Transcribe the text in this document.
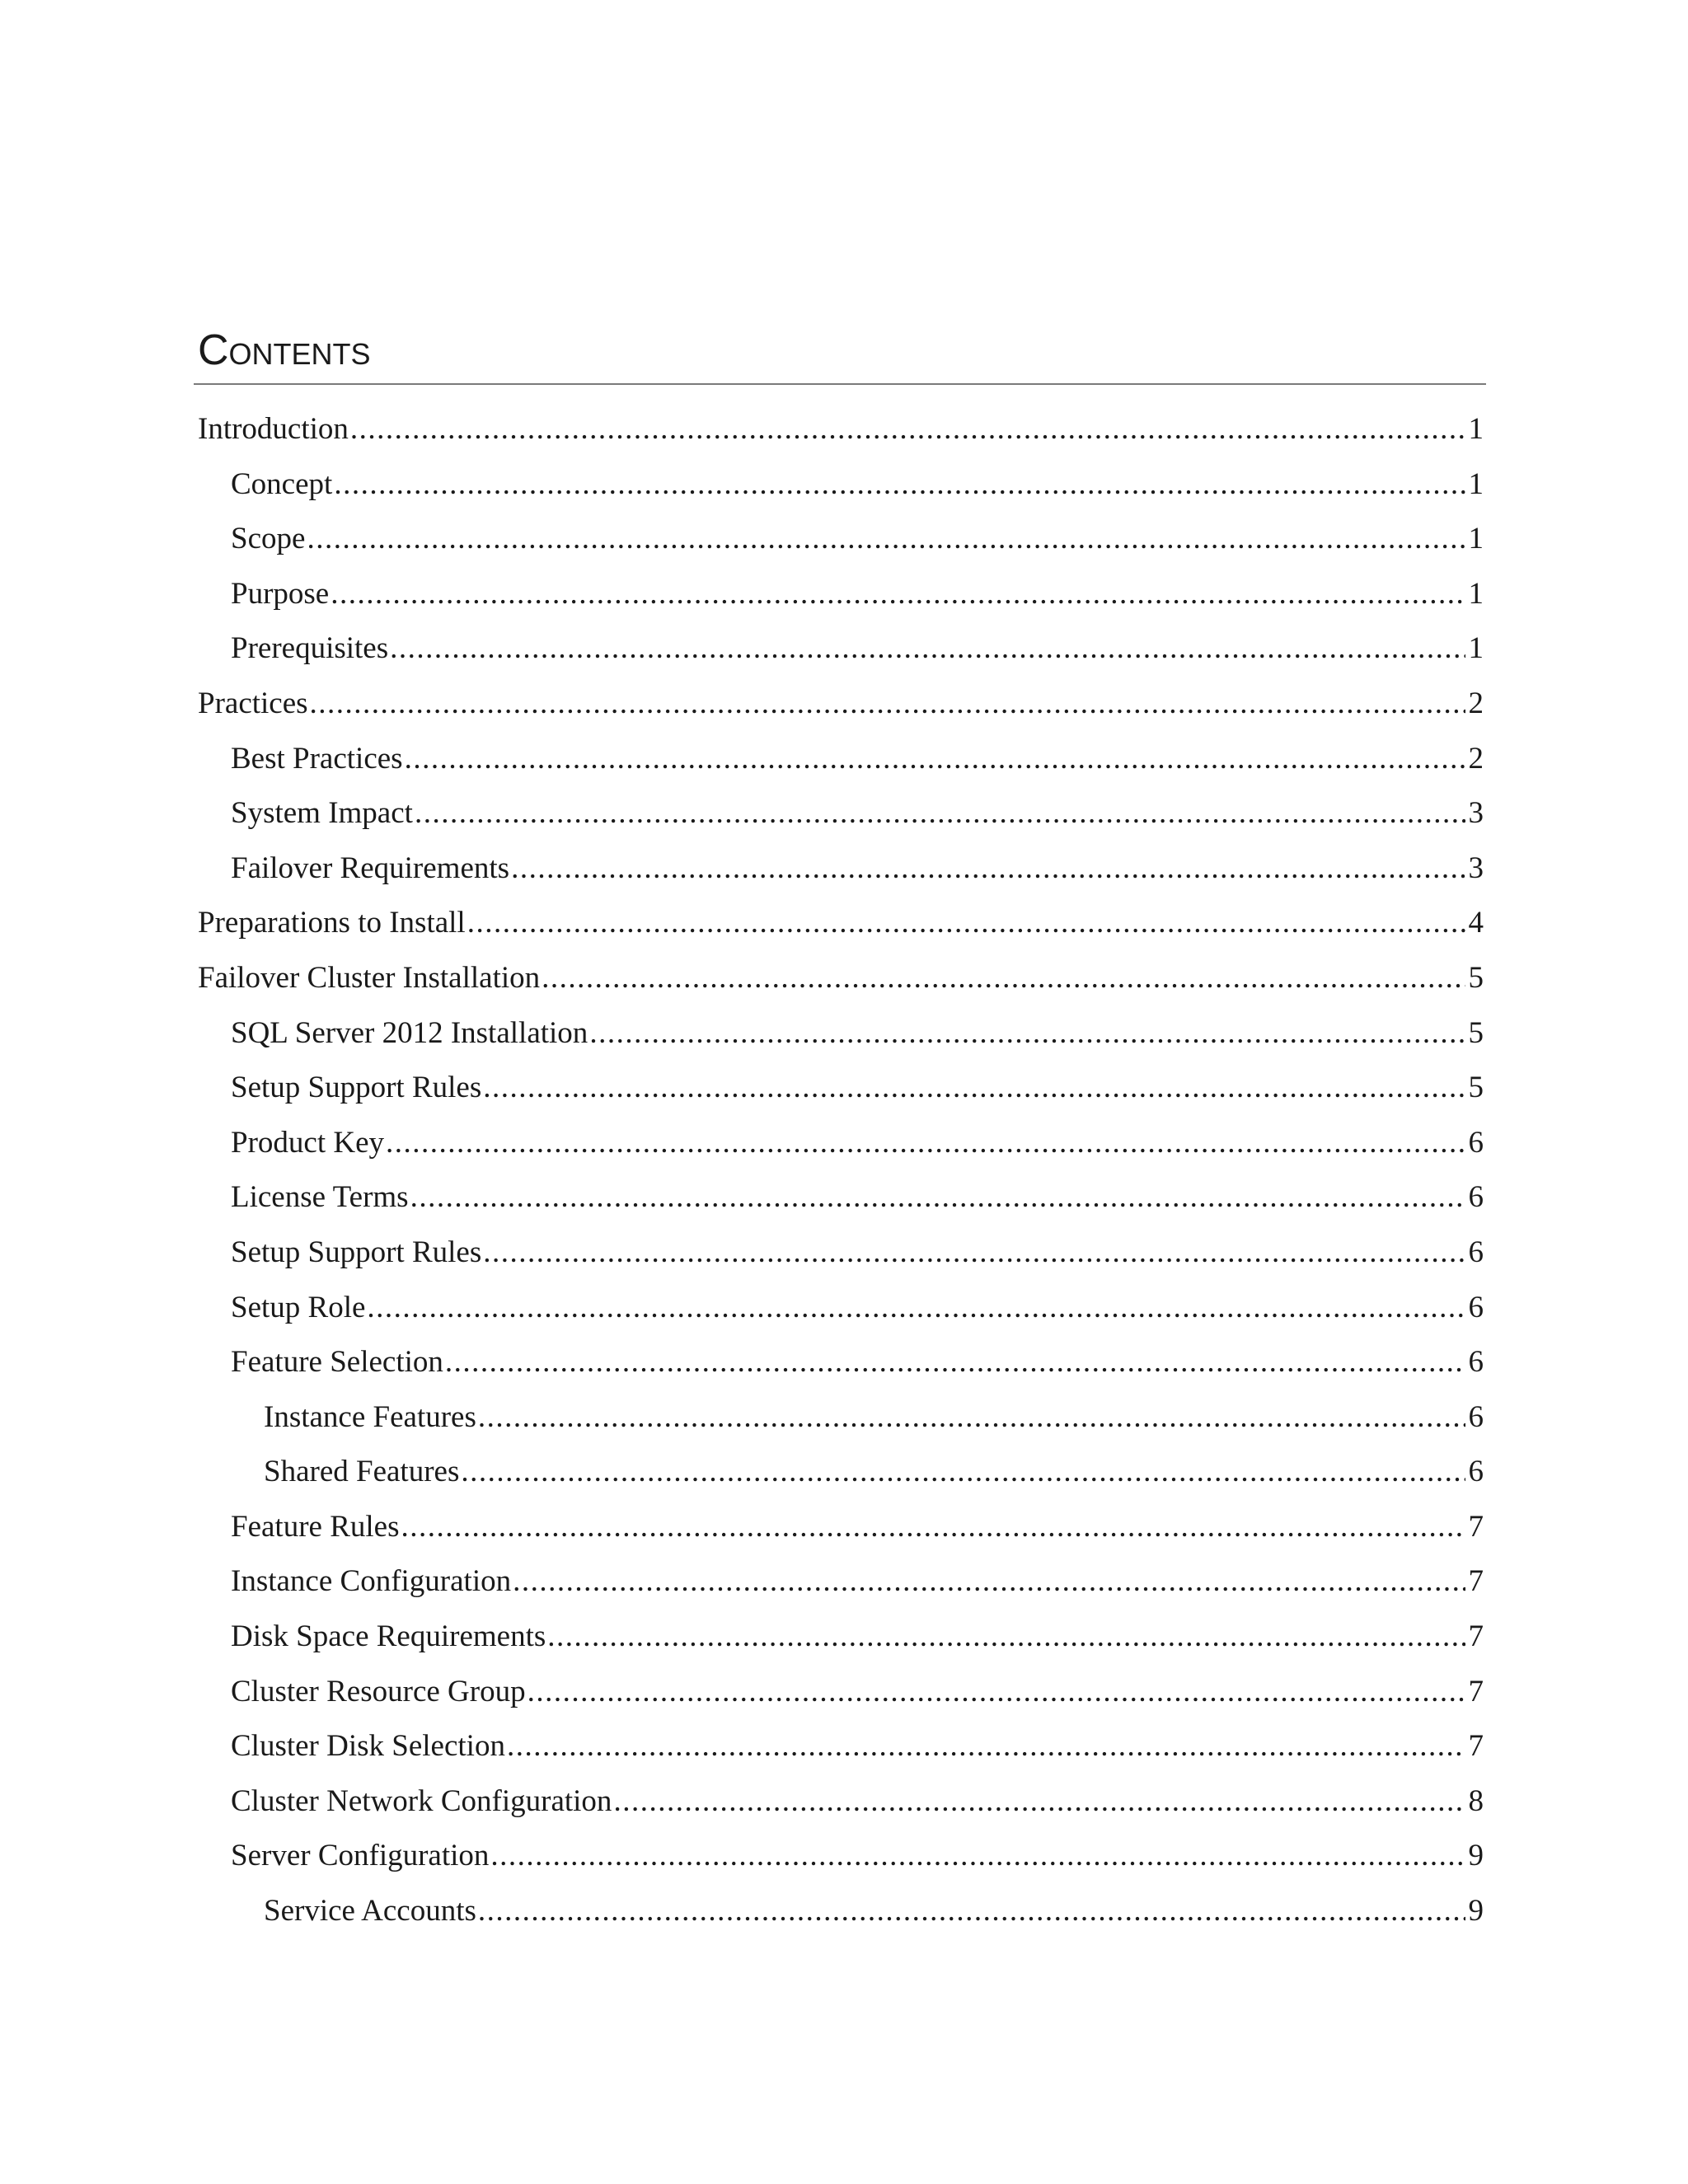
Contents
Introduction .....	1
Concept .....	1
Scope .....	1
Purpose .....	1
Prerequisites .....	1
Practices .....	2
Best Practices .....	2
System Impact .....	3
Failover Requirements .....	3
Preparations to Install .....	4
Failover Cluster Installation .....	5
SQL Server 2012 Installation .....	5
Setup Support Rules .....	5
Product Key .....	6
License Terms .....	6
Setup Support Rules .....	6
Setup Role .....	6
Feature Selection .....	6
Instance Features .....	6
Shared Features .....	6
Feature Rules .....	7
Instance Configuration .....	7
Disk Space Requirements .....	7
Cluster Resource Group .....	7
Cluster Disk Selection .....	7
Cluster Network Configuration .....	8
Server Configuration .....	9
Service Accounts .....	9
